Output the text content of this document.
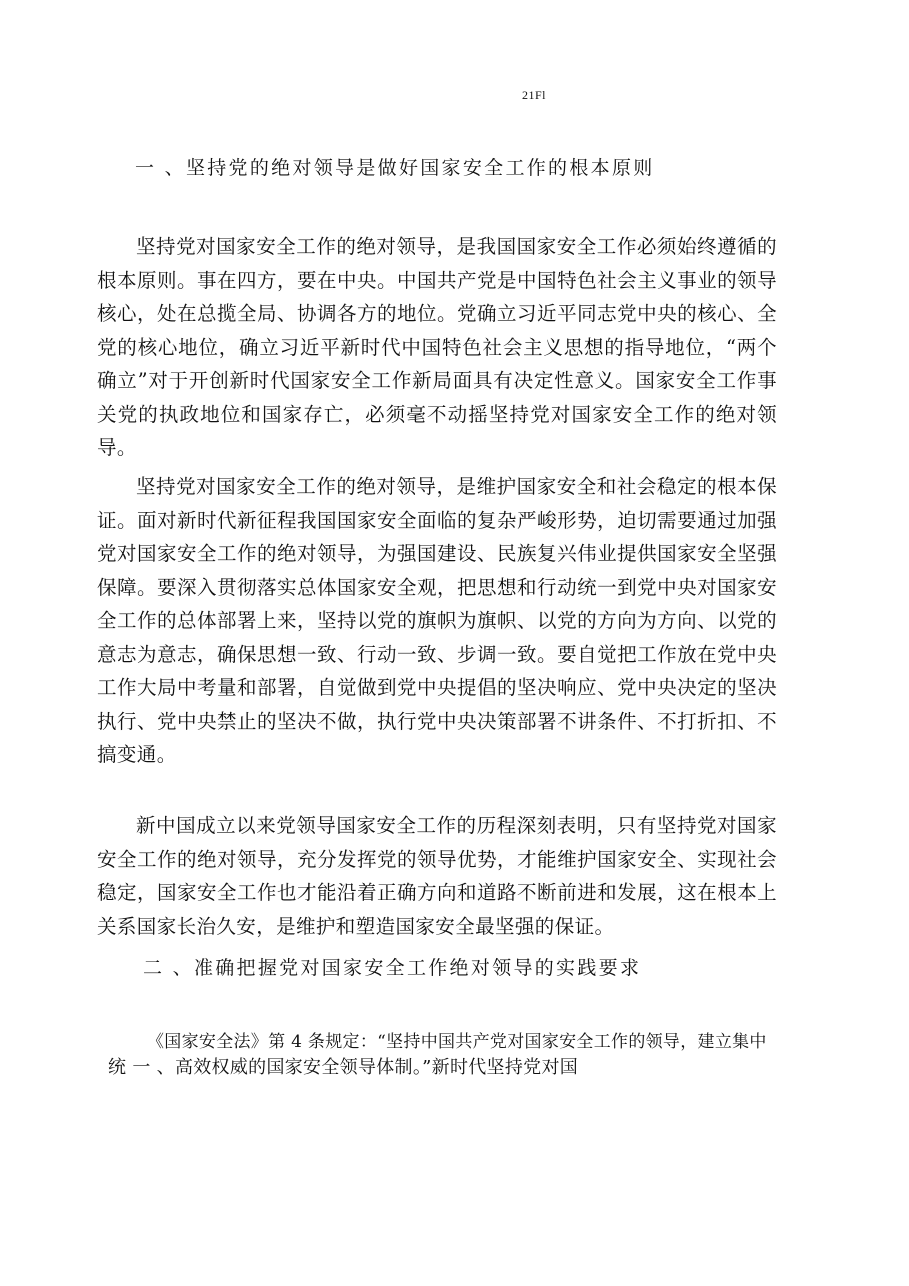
21Fl
一 、坚持党的绝对领导是做好国家安全工作的根本原则

坚持党对国家安全工作的绝对领导，是我国国家安全工作必须始终遵循的根本原则。事在四方，要在中央。中国共产党是中国特色社会主义事业的领导核心，处在总揽全局、协调各方的地位。党确立习近平同志党中央的核心、全党的核心地位，确立习近平新时代中国特色社会主义思想的指导地位，“两个确立”对于开创新时代国家安全工作新局面具有决定性意义。国家安全工作事关党的执政地位和国家存亡，必须毫不动摇坚持党对国家安全工作的绝对领导。

坚持党对国家安全工作的绝对领导，是维护国家安全和社会稳定的根本保证。面对新时代新征程我国国家安全面临的复杂严峻形势，迫切需要通过加强党对国家安全工作的绝对领导，为强国建设、民族复兴伟业提供国家安全坚强保障。要深入贯彻落实总体国家安全观，把思想和行动统一到党中央对国家安全工作的总体部署上来，坚持以党的旗帜为旗帜、以党的方向为方向、以党的意志为意志，确保思想一致、行动一致、步调一致。要自觉把工作放在党中央工作大局中考量和部署，自觉做到党中央提倡的坚决响应、党中央决定的坚决执行、党中央禁止的坚决不做，执行党中央决策部署不讲条件、不打折扣、不搞变通。

新中国成立以来党领导国家安全工作的历程深刻表明，只有坚持党对国家安全工作的绝对领导，充分发挥党的领导优势，才能维护国家安全、实现社会稳定，国家安全工作也才能沿着正确方向和道路不断前进和发展，这在根本上关系国家长治久安，是维护和塑造国家安全最坚强的保证。

二 、准确把握党对国家安全工作绝对领导的实践要求

《国家安全法》第 4 条规定：“坚持中国共产党对国家安全工作的领导，建立集中

统 一 、高效权威的国家安全领导体制。”新时代坚持党对国
